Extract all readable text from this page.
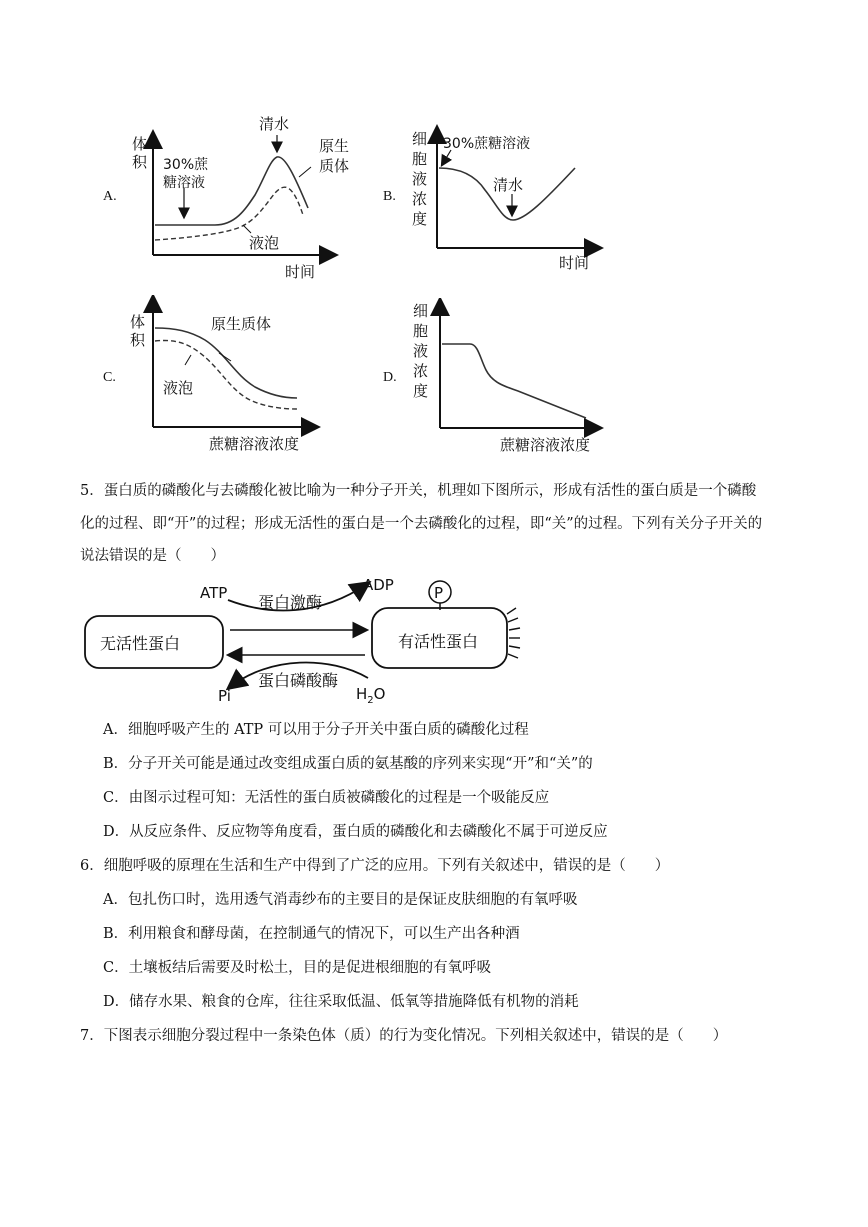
A.
体
积 30%蔗
糖溶液
清水
原生
质体
液泡
时间
B.
细
胞
液
浓
度
30%蔗糖溶液
清水
时间
C.
体
积
原生质体
液泡
蔗糖溶液浓度
D.
细
胞
液
浓
度
蔗糖溶液浓度
5．蛋白质的磷酸化与去磷酸化被比喻为一种分子开关，机理如下图所示，形成有活性的蛋白质是一个磷酸
化的过程、即“开”的过程；形成无活性的蛋白是一个去磷酸化的过程，即“关”的过程。下列有关分子开关的
说法错误的是（　　）
P
ATP	ADP
蛋白激酶
无活性蛋白	有活性蛋白
蛋白磷酸酶
Pi	$H_2O$
A．细胞呼吸产生的 ATP 可以用于分子开关中蛋白质的磷酸化过程
B．分子开关可能是通过改变组成蛋白质的氨基酸的序列来实现“开”和“关”的
C．由图示过程可知：无活性的蛋白质被磷酸化的过程是一个吸能反应
D．从反应条件、反应物等角度看，蛋白质的磷酸化和去磷酸化不属于可逆反应
6．细胞呼吸的原理在生活和生产中得到了广泛的应用。下列有关叙述中，错误的是（　　）
A．包扎伤口时，选用透气消毒纱布的主要目的是保证皮肤细胞的有氧呼吸
B．利用粮食和酵母菌，在控制通气的情况下，可以生产出各种酒
C．土壤板结后需要及时松土，目的是促进根细胞的有氧呼吸
D．储存水果、粮食的仓库，往往采取低温、低氧等措施降低有机物的消耗
7．下图表示细胞分裂过程中一条染色体（质）的行为变化情况。下列相关叙述中，错误的是（　　）
